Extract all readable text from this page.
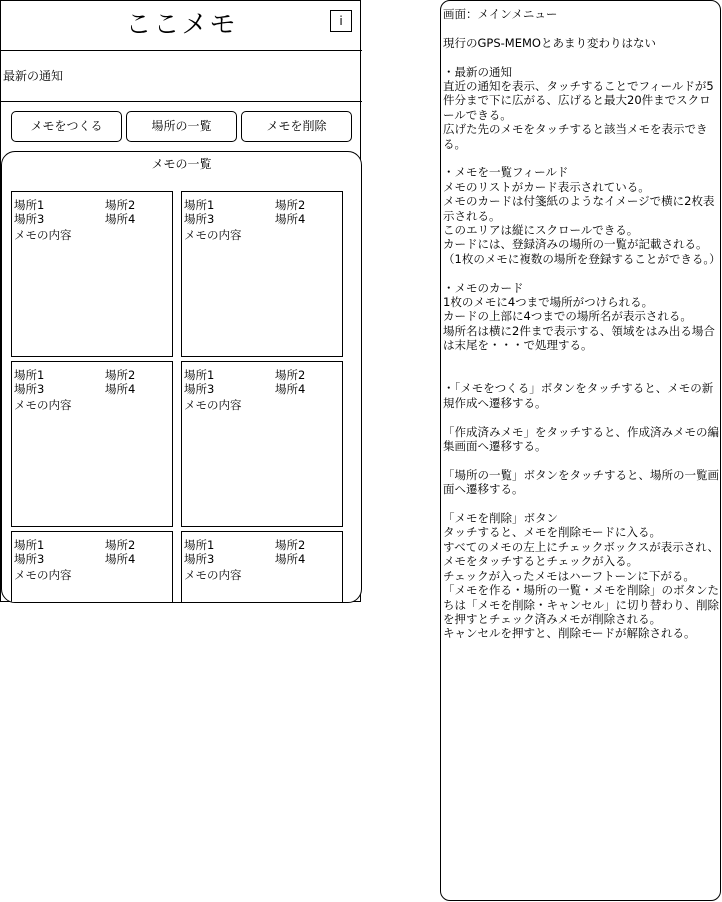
ここメモ	i
最新の通知
メモをつくる	場所の一覧	メモを削除
メモの一覧
場所1	場所2
場所3	場所4
メモの内容
場所1	場所2
場所3	場所4
メモの内容
場所1	場所2
場所3	場所4
メモの内容
場所1	場所2
場所3	場所4
メモの内容
場所1	場所2
場所3	場所4
メモの内容
場所1	場所2
場所3	場所4
メモの内容

画面：メインメニュー

現行のGPS-MEMOとあまり変わりはない

・最新の通知

直近の通知を表示、タッチすることでフィールドが5件分まで下に広がる、広げると最大20件までスクロールできる。

広げた先のメモをタッチすると該当メモを表示できる。

・メモを一覧フィールド

メモのリストがカード表示されている。

メモのカードは付箋紙のようなイメージで横に2枚表示される。

このエリアは縦にスクロールできる。

カードには、登録済みの場所の一覧が記載される。（1枚のメモに複数の場所を登録することができる。）

・メモのカード

1枚のメモに4つまで場所がつけられる。

カードの上部に4つまでの場所名が表示される。

場所名は横に2件まで表示する、領域をはみ出る場合は末尾を・・・で処理する。

・「メモをつくる」ボタンをタッチすると、メモの新規作成へ遷移する。

「作成済みメモ」をタッチすると、作成済みメモの編集画面へ遷移する。

「場所の一覧」ボタンをタッチすると、場所の一覧画面へ遷移する。

「メモを削除」ボタン

タッチすると、メモを削除モードに入る。

すべてのメモの左上にチェックボックスが表示され、メモをタッチするとチェックが入る。

チェックが入ったメモはハーフトーンに下がる。

「メモを作る・場所の一覧・メモを削除」のボタンたちは「メモを削除・キャンセル」に切り替わり、削除を押すとチェック済みメモが削除される。

キャンセルを押すと、削除モードが解除される。
